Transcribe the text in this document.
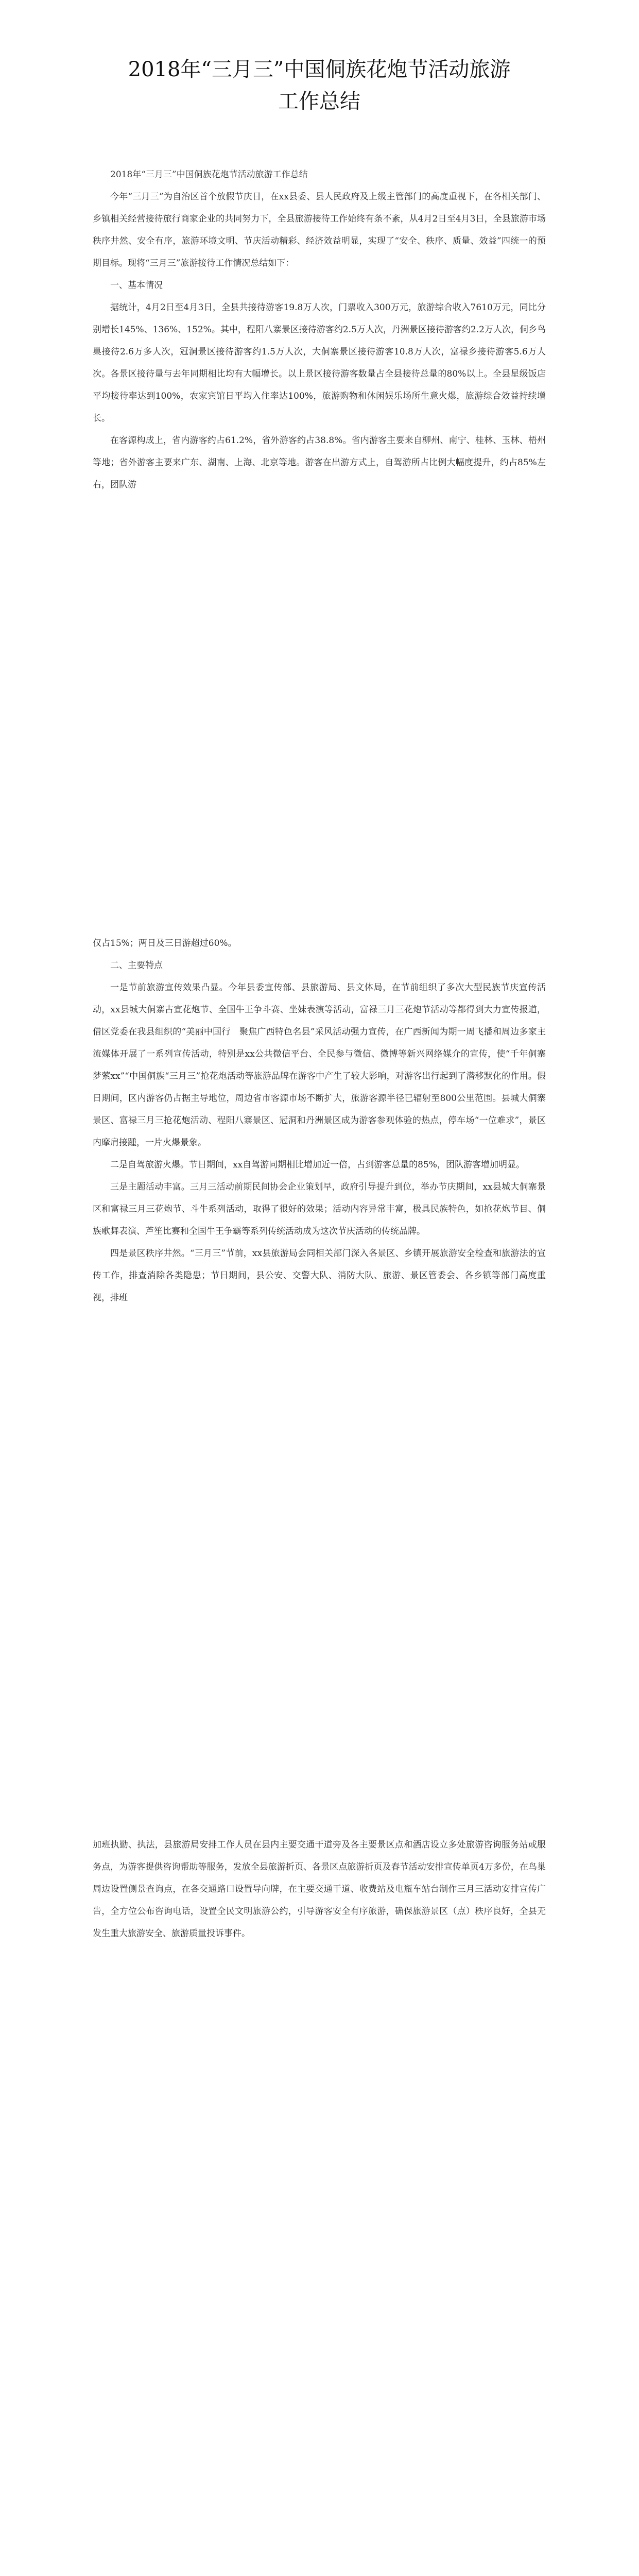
2018年“三月三”中国侗族花炮节活动旅游
工作总结

2018年“三月三”中国侗族花炮节活动旅游工作总结

今年“三月三”为自治区首个放假节庆日，在xx县委、县人民政府及上级主管部门的高度重视下，在各相关部门、乡镇相关经营接待旅行商家企业的共同努力下，全县旅游接待工作始终有条不紊，从4月2日至4月3日，全县旅游市场秩序井然、安全有序，旅游环境文明、节庆活动精彩、经济效益明显，实现了“安全、秩序、质量、效益”四统一的预期目标。现将“三月三”旅游接待工作情况总结如下：

一、基本情况

据统计，4月2日至4月3日，全县共接待游客19.8万人次，门票收入300万元，旅游综合收入7610万元，同比分别增长145%、136%、152%。其中，程阳八寨景区接待游客约2.5万人次，丹洲景区接待游客约2.2万人次，侗乡鸟巢接待2.6万多人次，冠洞景区接待游客约1.5万人次，大侗寨景区接待游客10.8万人次，富禄乡接待游客5.6万人次。各景区接待量与去年同期相比均有大幅增长。以上景区接待游客数量占全县接待总量的80%以上。全县星级饭店平均接待率达到100%，农家宾馆日平均入住率达100%，旅游购物和休闲娱乐场所生意火爆，旅游综合效益持续增长。

在客源构成上，省内游客约占61.2%，省外游客约占38.8%。省内游客主要来自柳州、南宁、桂林、玉林、梧州等地；省外游客主要来广东、湖南、上海、北京等地。游客在出游方式上，自驾游所占比例大幅度提升，约占85%左右，团队游

仅占15%；两日及三日游超过60%。

二、主要特点

一是节前旅游宣传效果凸显。今年县委宣传部、县旅游局、县文体局，在节前组织了多次大型民族节庆宣传活动，xx县城大侗寨古宣花炮节、全国牛王争斗赛、坐妹表演等活动，富禄三月三花炮节活动等都得到大力宣传报道，借区党委在我县组织的“美丽中国行　聚焦广西特色名县”采风活动强力宣传，在广西新闻为期一周飞播和周边多家主流媒体开展了一系列宣传活动，特别是xx公共微信平台、全民参与微信、微博等新兴网络媒介的宣传，使“千年侗寨　梦萦xx”“中国侗族“三月三”抢花炮活动等旅游品牌在游客中产生了较大影响，对游客出行起到了潜移默化的作用。假日期间，区内游客仍占据主导地位，周边省市客源市场不断扩大，旅游客源半径已辐射至800公里范围。县城大侗寨景区、富禄三月三抢花炮活动、程阳八寨景区、冠洞和丹洲景区成为游客参观体验的热点，停车场“一位难求”，景区内摩肩接踵，一片火爆景象。

二是自驾旅游火爆。节日期间，xx自驾游同期相比增加近一倍，占到游客总量的85%，团队游客增加明显。

三是主题活动丰富。三月三活动前期民间协会企业策划早，政府引导提升到位，举办节庆期间，xx县城大侗寨景区和富禄三月三花炮节、斗牛系列活动，取得了很好的效果；活动内容异常丰富，极具民族特色，如抢花炮节目、侗族歌舞表演、芦笙比赛和全国牛王争霸等系列传统活动成为这次节庆活动的传统品牌。

四是景区秩序井然。“三月三”节前，xx县旅游局会同相关部门深入各景区、乡镇开展旅游安全检查和旅游法的宣传工作，排查消除各类隐患；节日期间，县公安、交警大队、消防大队、旅游、景区管委会、各乡镇等部门高度重视，排班

加班执勤、执法，县旅游局安排工作人员在县内主要交通干道旁及各主要景区点和酒店设立多处旅游咨询服务站或服务点，为游客提供咨询帮助等服务，发放全县旅游折页、各景区点旅游折页及春节活动安排宣传单页4万多份，在鸟巢周边设置侧景查询点，在各交通路口设置导向牌，在主要交通干道、收费站及电瓶车站台制作三月三活动安排宣传广告，全方位公布咨询电话，设置全民文明旅游公约，引导游客安全有序旅游，确保旅游景区（点）秩序良好，全县无发生重大旅游安全、旅游质量投诉事件。
